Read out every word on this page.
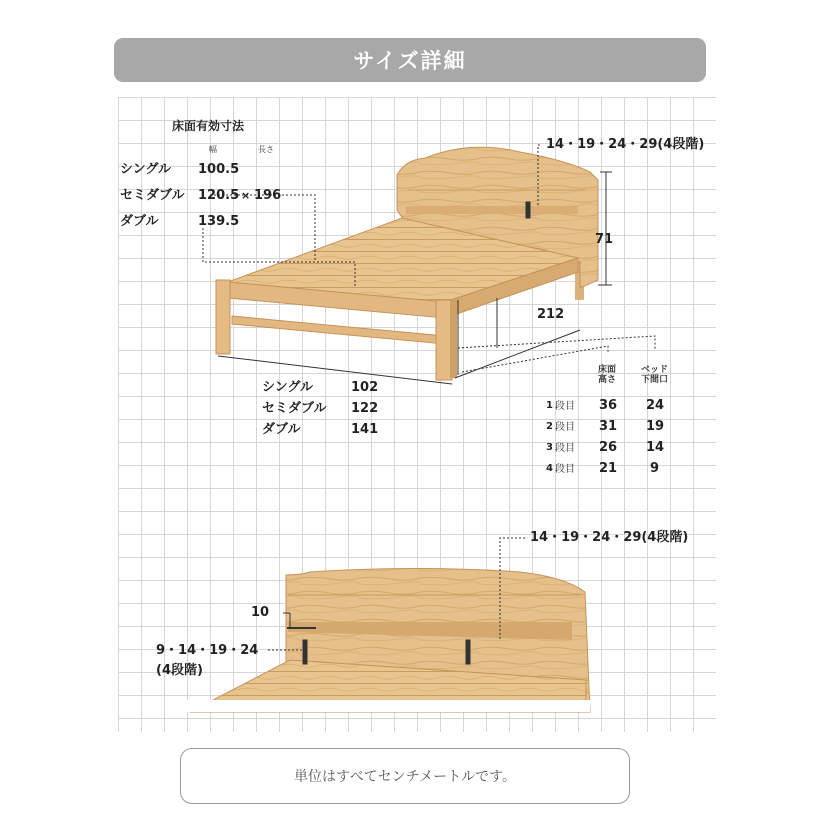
サイズ詳細
床面有効寸法
幅	長さ
シングル 100.5
セミダブル 120.5 × 196
ダブル	139.5
14・19・24・29(4段階)
71
212
シングル	102
セミダブル 122
ダブル	141
床面
高さ
ベッド
下間口
1 段目 36 24
2 段目 31 19
3 段目 26 14
4 段目 21	9
14・19・24・29(4段階)
10
9・14・19・24
(4段階)
単位はすべてセンチメートルです。
